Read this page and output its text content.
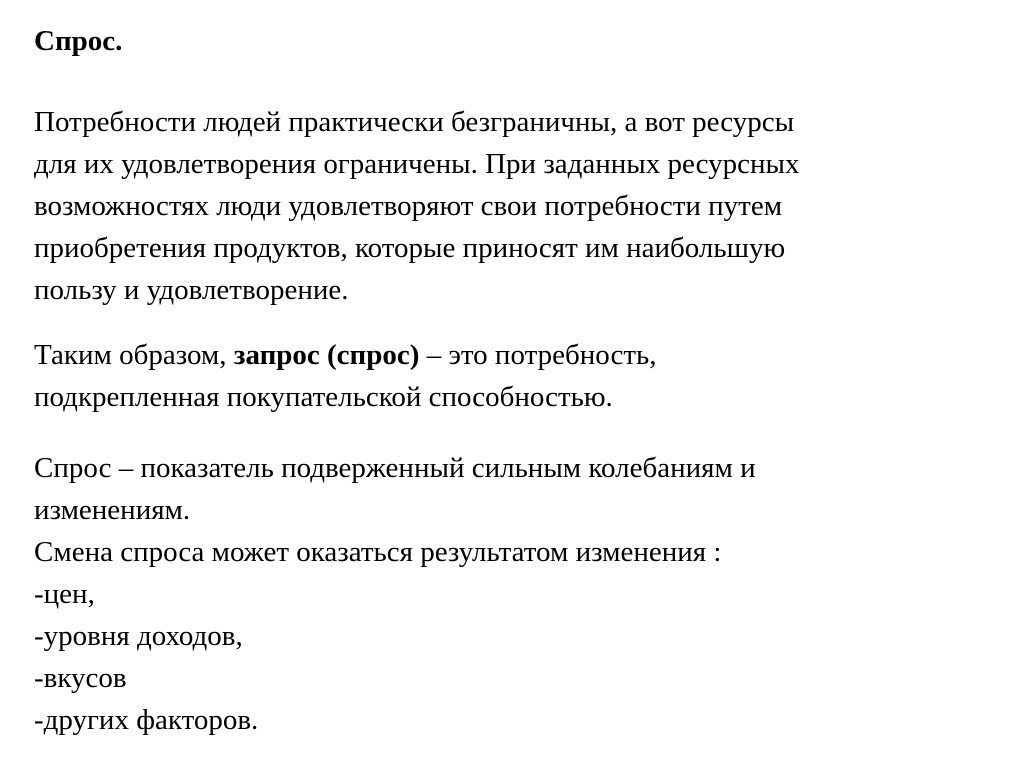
Спрос.
Потребности людей практически безграничны, а вот ресурсы
для их удовлетворения ограничены. При заданных ресурсных
возможностях люди удовлетворяют свои потребности путем
приобретения продуктов, которые приносят им наибольшую
пользу и удовлетворение.
Таким образом, запрос (спрос) – это потребность,
подкрепленная покупательской способностью.
Спрос – показатель подверженный сильным колебаниям и
изменениям.
Смена спроса может оказаться результатом изменения :
-цен,
-уровня доходов,
-вкусов
-других факторов.
